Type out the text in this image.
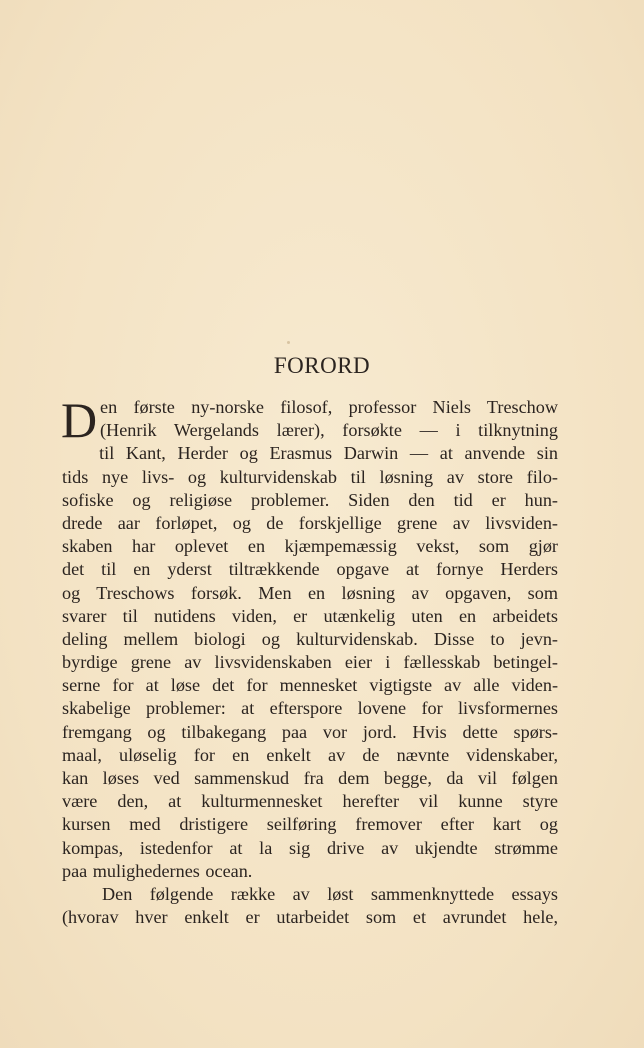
FORORD
D en første ny-norske filosof, professor Niels Treschow
(Henrik Wergelands lærer), forsøkte — i tilknytning
til Kant, Herder og Erasmus Darwin — at anvende sin
tids nye livs- og kulturvidenskab til løsning av store filo-
sofiske og religiøse problemer. Siden den tid er hun-
drede aar forløpet, og de forskjellige grene av livsviden-
skaben har oplevet en kjæmpemæssig vekst, som gjør
det til en yderst tiltrækkende opgave at fornye Herders
og Treschows forsøk. Men en løsning av opgaven, som
svarer til nutidens viden, er utænkelig uten en arbeidets
deling mellem biologi og kulturvidenskab. Disse to jevn-
byrdige grene av livsvidenskaben eier i fællesskab betingel-
serne for at løse det for mennesket vigtigste av alle viden-
skabelige problemer: at efterspore lovene for livsformernes
fremgang og tilbakegang paa vor jord. Hvis dette spørs-
maal, uløselig for en enkelt av de nævnte videnskaber,
kan løses ved sammenskud fra dem begge, da vil følgen
være den, at kulturmennesket herefter vil kunne styre
kursen med dristigere seilføring fremover efter kart og
kompas, istedenfor at la sig drive av ukjendte strømme
paa mulighedernes ocean.
Den følgende række av løst sammenknyttede essays
(hvorav hver enkelt er utarbeidet som et avrundet hele,
